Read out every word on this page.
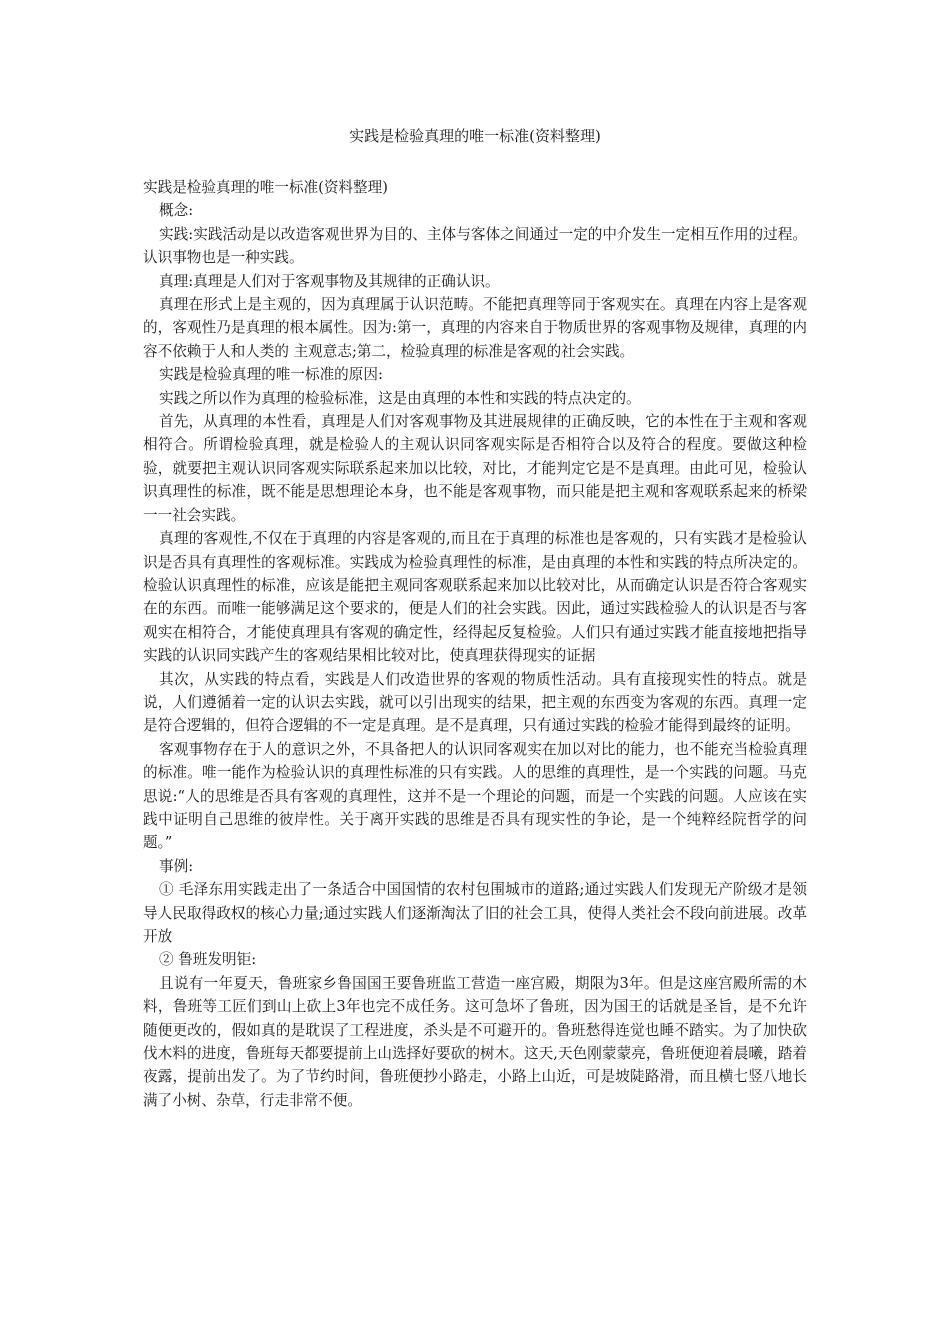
实践是检验真理的唯一标准(资料整理)

实践是检验真理的唯一标准(资料整理)

概念:

实践:实践活动是以改造客观世界为目的、主体与客体之间通过一定的中介发生一定相互作用的过程。认识事物也是一种实践。

真理:真理是人们对于客观事物及其规律的正确认识。

真理在形式上是主观的，因为真理属于认识范畴。不能把真理等同于客观实在。真理在内容上是客观的，客观性乃是真理的根本属性。因为:第一，真理的内容来自于物质世界的客观事物及规律，真理的内容不依赖于人和人类的 主观意志;第二，检验真理的标准是客观的社会实践。

实践是检验真理的唯一标准的原因:

实践之所以作为真理的检验标准，这是由真理的本性和实践的特点决定的。

首先，从真理的本性看，真理是人们对客观事物及其进展规律的正确反映，它的本性在于主观和客观相符合。所谓检验真理，就是检验人的主观认识同客观实际是否相符合以及符合的程度。要做这种检验，就要把主观认识同客观实际联系起来加以比较，对比，才能判定它是不是真理。由此可见，检验认识真理性的标准，既不能是思想理论本身，也不能是客观事物，而只能是把主观和客观联系起来的桥梁一一社会实践。

真理的客观性,不仅在于真理的内容是客观的,而且在于真理的标准也是客观的，只有实践才是检验认识是否具有真理性的客观标准。实践成为检验真理性的标准，是由真理的本性和实践的特点所决定的。检验认识真理性的标准，应该是能把主观同客观联系起来加以比较对比，从而确定认识是否符合客观实在的东西。而唯一能够满足这个要求的，便是人们的社会实践。因此，通过实践检验人的认识是否与客观实在相符合，才能使真理具有客观的确定性，经得起反复检验。人们只有通过实践才能直接地把指导实践的认识同实践产生的客观结果相比较对比，使真理获得现实的证据

其次，从实践的特点看，实践是人们改造世界的客观的物质性活动。具有直接现实性的特点。就是说，人们遵循着一定的认识去实践，就可以引出现实的结果，把主观的东西变为客观的东西。真理一定是符合逻辑的，但符合逻辑的不一定是真理。是不是真理，只有通过实践的检验才能得到最终的证明。

客观事物存在于人的意识之外，不具备把人的认识同客观实在加以对比的能力，也不能充当检验真理的标准。唯一能作为检验认识的真理性标准的只有实践。人的思维的真理性，是一个实践的问题。马克思说:“人的思维是否具有客观的真理性，这并不是一个理论的问题，而是一个实践的问题。人应该在实践中证明自己思维的彼岸性。关于离开实践的思维是否具有现实性的争论，是一个纯粹经院哲学的问题。”

事例:

① 毛泽东用实践走出了一条适合中国国情的农村包围城市的道路;通过实践人们发现无产阶级才是领导人民取得政权的核心力量;通过实践人们逐渐淘汰了旧的社会工具，使得人类社会不段向前进展。改革开放

② 鲁班发明钜:

且说有一年夏天，鲁班家乡鲁国国王要鲁班监工营造一座宫殿，期限为3年。但是这座宫殿所需的木料，鲁班等工匠们到山上砍上3年也完不成任务。这可急坏了鲁班，因为国王的话就是圣旨，是不允许随便更改的，假如真的是耽误了工程进度，杀头是不可避开的。鲁班愁得连觉也睡不踏实。为了加快砍伐木料的进度，鲁班每天都要提前上山选择好要砍的树木。这天,天色刚蒙蒙亮，鲁班便迎着晨曦，踏着夜露，提前出发了。为了节约时间，鲁班便抄小路走，小路上山近，可是坡陡路滑，而且横七竖八地长满了小树、杂草，行走非常不便。
